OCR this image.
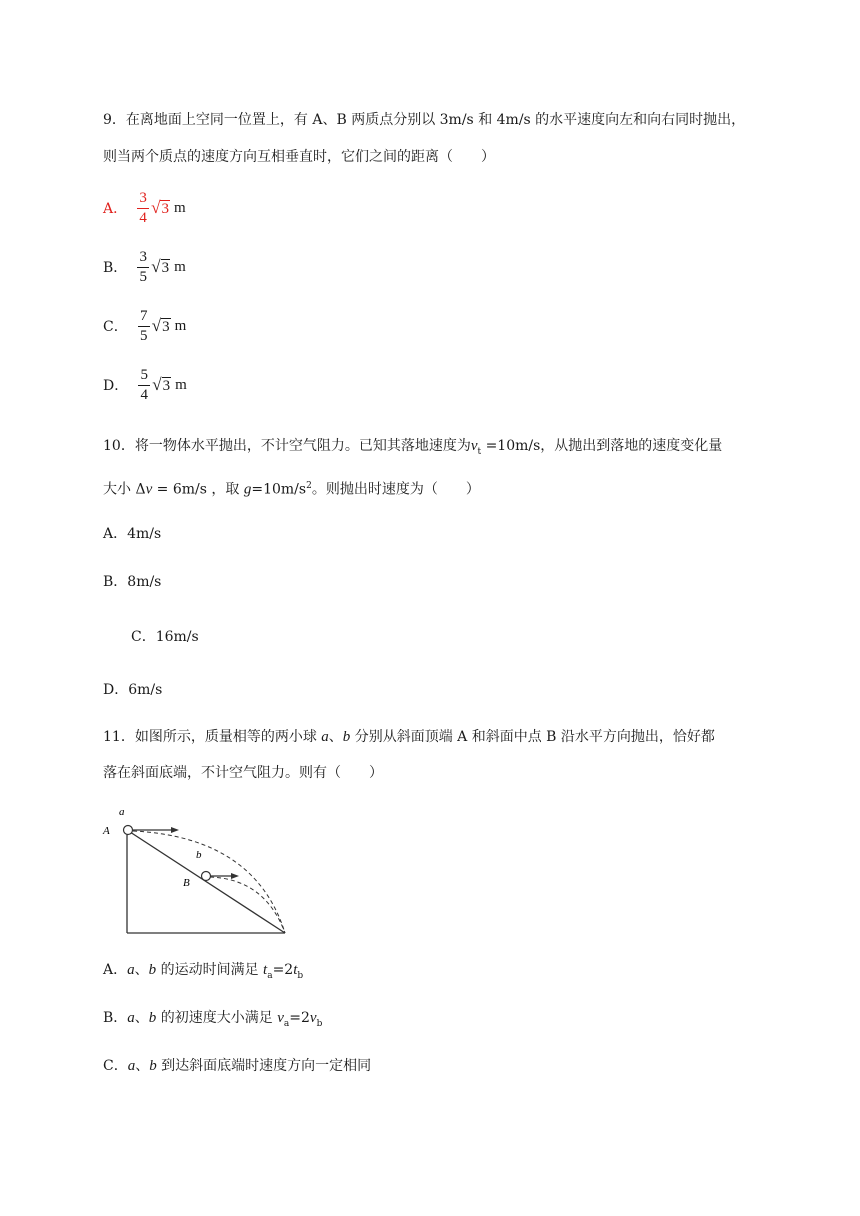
9．在离地面上空同一位置上，有 A、B 两质点分别以 3m/s 和 4m/s 的水平速度向左和向右同时抛出，
则当两个质点的速度方向互相垂直时，它们之间的距离（　　）
A． $\frac{3}{4}$ √ 3 m
B． $\frac{3}{5}$ √ 3 m
C． $\frac{7}{5}$ √ 3 m
D． $\frac{5}{4}$ √ 3 m
10．将一物体水平抛出，不计空气阻力。已知其落地速度为$v_t =10m/s$，从抛出到落地的速度变化量
大小 Δv = 6m/s ，取 $g=10m/s^2$。则抛出时速度为（　　）
A．4m/s
B．8m/s
C．16m/s
D．6m/s
11．如图所示，质量相等的两小球 a、b 分别从斜面顶端 A 和斜面中点 B 沿水平方向抛出，恰好都
落在斜面底端，不计空气阻力。则有（　　）
a
A
b
B
A．a、b 的运动时间满足 $t_a=2t_b$
B．a、b 的初速度大小满足 $v_a=2v_b$
C．a、b 到达斜面底端时速度方向一定相同
